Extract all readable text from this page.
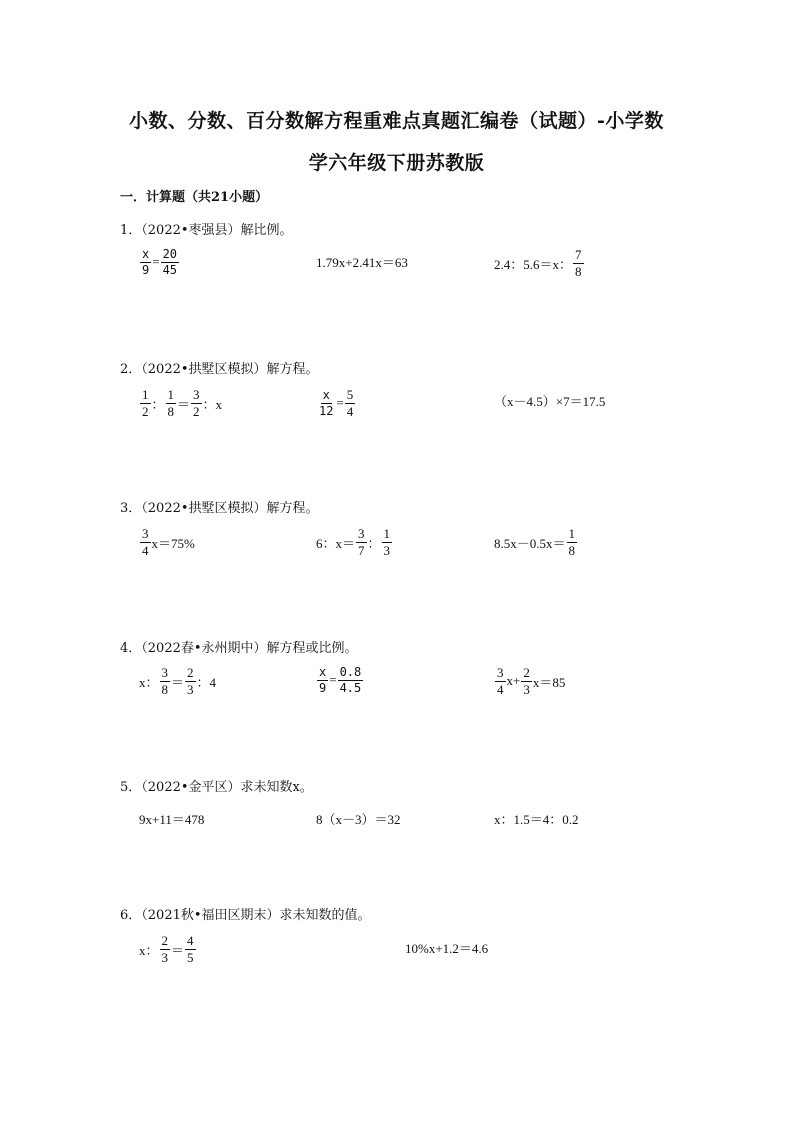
小数、分数、百分数解方程重难点真题汇编卷（试题）-小学数
学六年级下册苏教版
一．计算题（共21小题）
1．（2022•枣强县）解比例。
$\frac{x}{9} = \frac{20}{45}$	1.79x+2.41x＝63	2.4：5.6＝x： $\frac{7}{8}$
2．（2022•拱墅区模拟）解方程。
$\frac{1}{2}$ ： $\frac{1}{8} = \frac{3}{2}$ ：x	$\frac{x}{12} = \frac{5}{4}$	（x－4.5）×7＝17.5
3．（2022•拱墅区模拟）解方程。
$\frac{3}{4} x=75\%$	6：$x= \frac{3}{7}$ ： $\frac{1}{3}$	$8.5x-0.5x= \frac{1}{8}$
4．（2022春•永州期中）解方程或比例。
x： $\frac{3}{8} = \frac{2}{3}$ ：4	$\frac{x}{9} = \frac{0.8}{4.5}$	$\frac{3}{4} x+ \frac{2}{3} x=85$
5．（2022•金平区）求未知数x。
9x+11＝478	8（x－3）＝32	x：1.5＝4：0.2
6．（2021秋•福田区期末）求未知数的值。
x： $\frac{2}{3} = \frac{4}{5}$	10%x+1.2＝4.6
